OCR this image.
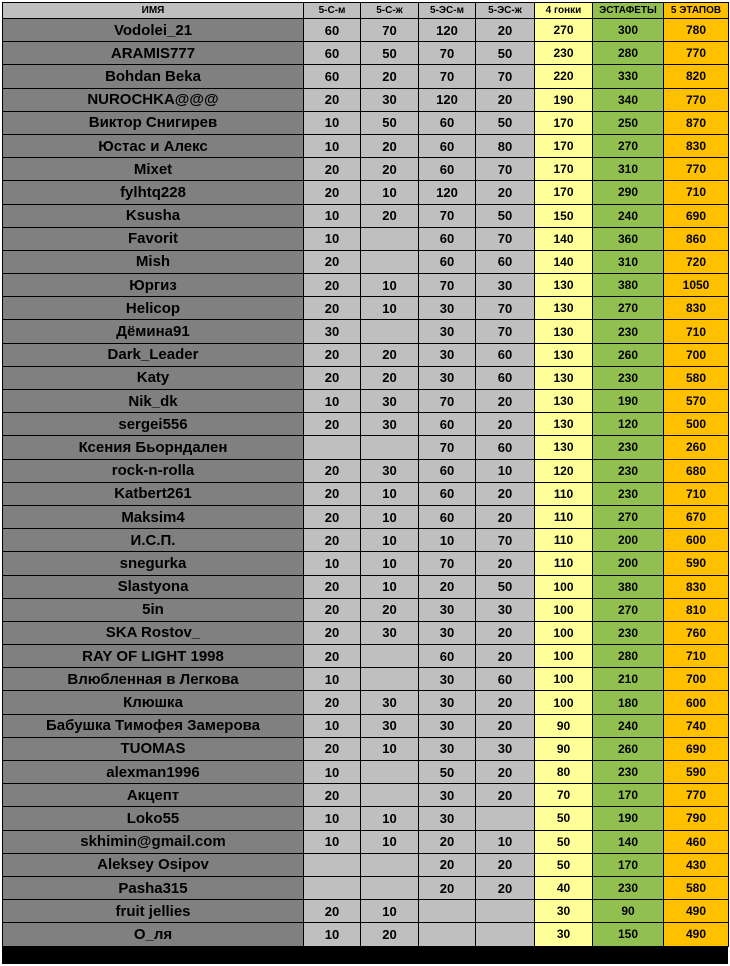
ИМЯ	5-С-м	5-С-ж	5-ЭС-м	5-ЭС-ж	4 гонки	ЭСТАФЕТЫ	5 ЭТАПОВ
Vodolei_21	60	70	120	20	270	300	780
ARAMIS777	60	50	70	50	230	280	770
Bohdan Beka	60	20	70	70	220	330	820
NUROCHKA@@@	20	30	120	20	190	340	770
Виктор Снигирев	10	50	60	50	170	250	870
Юстас и Алекс	10	20	60	80	170	270	830
Mixet	20	20	60	70	170	310	770
fylhtq228	20	10	120	20	170	290	710
Ksusha	10	20	70	50	150	240	690
Favorit	10		60	70	140	360	860
Mish	20		60	60	140	310	720
Юргиз	20	10	70	30	130	380	1050
Helicop	20	10	30	70	130	270	830
Дёмина91	30		30	70	130	230	710
Dark_Leader	20	20	30	60	130	260	700
Katy	20	20	30	60	130	230	580
Nik_dk	10	30	70	20	130	190	570
sergei556	20	30	60	20	130	120	500
Ксения Бьорндален			70	60	130	230	260
rock-n-rolla	20	30	60	10	120	230	680
Katbert261	20	10	60	20	110	230	710
Maksim4	20	10	60	20	110	270	670
И.С.П.	20	10	10	70	110	200	600
snegurka	10	10	70	20	110	200	590
Slastyona	20	10	20	50	100	380	830
5in	20	20	30	30	100	270	810
SKA Rostov_	20	30	30	20	100	230	760
RAY OF LIGHT 1998	20		60	20	100	280	710
Влюбленная в Легкова	10		30	60	100	210	700
Клюшка	20	30	30	20	100	180	600
Бабушка Тимофея Замерова	10	30	30	20	90	240	740
TUOMAS	20	10	30	30	90	260	690
alexman1996	10		50	20	80	230	590
Акцепт	20		30	20	70	170	770
Loko55	10	10	30		50	190	790
skhimin@gmail.com	10	10	20	10	50	140	460
Aleksey Osipov			20	20	50	170	430
Pasha315			20	20	40	230	580
fruit jellies	20	10			30	90	490
О_ля	10	20			30	150	490
